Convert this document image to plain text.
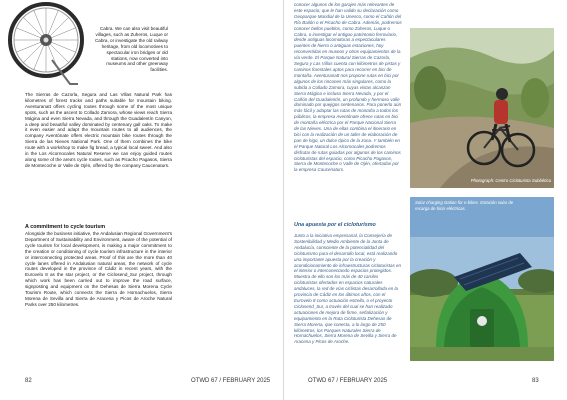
Cabra. We can also visit beautiful villages, such as Zuheros, Luque or Cabra, or investigate the old railway heritage, from old locomotives to spectacular iron bridges or old stations, now converted into museums and other greenway facilities.
The Sierras de Cazorla, Segura and Las Villas Natural Park has kilometres of forest tracks and paths suitable for mountain biking. Aventuranatt offers cycling routes through some of the most unique spots, such as the ascent to Collado Zamora, whose views reach Sierra Mágina and even Sierra Nevada, and through the Guadalentín Canyon, a deep and beautiful valley dominated by centenary gall oaks. To make it even easier and adapt the mountain routes to all audiences, the company Aventónate offers electric mountain bike routes through the Sierra de las Nieves National Park. One of them combines the bike route with a workshop to make fig bread, a typical local sweet. And also in the Los Alcornocales Natural Reserve we can enjoy guided routes along some of the area's cycle routes, such as Picacho Pagasos, Sierra de Montecoche or Valle de Ojén, offered by the company Caucenaturs.
A commitment to cycle tourism
Alongside the business initiative, the Andalusian Regional Government's Department of Sustainability and Environment, aware of the potential of cycle tourism for local development, is making a major commitment to the creation or conditioning of cycle tourism infrastructure in the interior or interconnecting protected areas. Proof of this are the more than 40 cycle lanes offered in Andalusian natural areas, the network of cycle routes developed in the province of Cádiz in recent years, with the Eurovelo 8 as the star project, or the Ciclosend_Sur project, through which work has been carried out to improve the road surface, signposting and equipment on the Dehesas de Sierra Morena Cycle Tourism Route, which connects the Sierra de Hornachuelos, Sierra Morena de Sevilla and Sierra de Aracena y Picos de Aroche Natural Parks over 250 kilometres.
82	OTWD 67 / FEBRUARY 2025
conocer algunos de los garajes más relevantes de este espacio; que le han valido su declaración como Geoparque Mundial de la Unesco, como el Cañón del Río Bailón o el Picacho de Cabra. Además, podremos conocer bellos pueblos, como Zuheros, Luque o Cabra, o investigar el antiguo patrimonio ferroviario, desde antiguas locomotoras a espectaculares puentes de hierro o antiguas estaciones, hoy reconvertidas en museos y otros equipamientos de la vía verde. El Parque Natural Sierras de Cazorla, Segura y Las Villas cuenta con kilómetros de pistas y caminos forestales aptos para recorrer en bici de montaña. Aventuranatt nos propone rutas en bici por algunos de los rincones más singulares, como la subida a Collado Zamora, cuyas vistas alcanzan Sierra Mágina e incluso Sierra Nevada, y por el Cañón del Guadalentín, un profundo y hermoso valle dominado por quejigos centenarios. Para ponerlo aún más fácil y adaptar las rutas de montaña a todos los públicos, la empresa Aventónate ofrece rutas en bici de montaña eléctrica por el Parque Nacional Sierra de las Nieves. Una de ellas combina el itinerario en bici con la realización de un taller de elaboración de pan de higo, un dulce típico de la zona. Y también en el Parque Natural Los Alcornocales podremos disfrutar de rutas guiadas por algunos de los caminos cicloturistas del espacio, como Picacho Pagasos, Sierra de Montecoche o Valle de Ojén, ofertadas por la empresa Caucenaturs.
Una apuesta por el cicloturismo
Junto a la iniciativa empresarial, la Consejería de Sostenibilidad y Medio Ambiente de la Junta de Andalucía, consciente de la potencialidad del cicloturismo para el desarrollo local, está realizando una importante apuesta por la creación y acondicionamiento de infraestructuras cicloturistas en el interior o interconectando espacios protegidos. Muestra de ello son los más de 40 carriles cicloturistas ofertados en espacios naturales andaluces, la red de vías ciclistas desarrollada en la provincia de Cádiz en los últimos años, con el Eurovelo 8 como actuación estrella, o el proyecto Ciclosend_Sur, a través del cual se han realizado actuaciones de mejora de firme, señalización y equipamiento en la Ruta Cicloturista Dehesas de Sierra Morena, que conecta, a lo largo de 250 kilómetros, los Parques Naturales Sierra de Hornachuelos, Sierra Morena de Sevilla y Sierra de Aracena y Picos de Aroche.
Photograph: Centro Cicloturista Subbética
Solar charging station for e-bikes. Estación solar de recarga de bicis eléctricas.
OTWD 67 / FEBRUARY 2025	83
